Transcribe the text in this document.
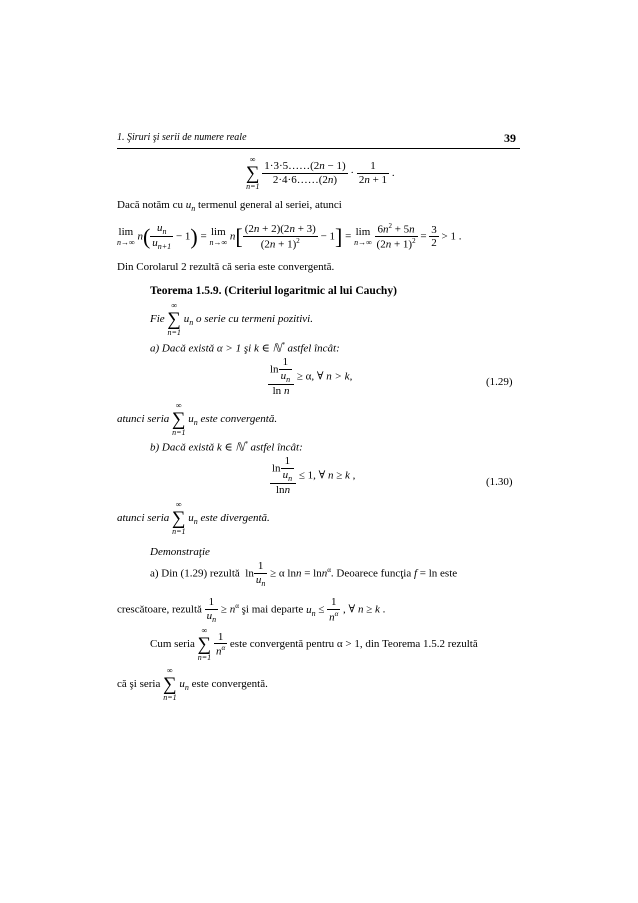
1. Şiruri şi serii de numere reale	39
∞
∑
n=1
$\frac{1\cdot 3\cdot 5\dots\dots(2n - 1)}{2\cdot 4\cdot 6\dots\dots(2n)} \cdot \frac{1}{2n + 1}$ .
Dacă notăm cu $u_n$ termenul general al seriei, atunci
lim
n→∞ $n( \frac{u_n}{u_{n+1}} - 1) = \lim$
n→∞ $n[ \frac{(2n + 2)(2n + 3)}{(2n + 1)^2} - 1] = \lim$
n→∞
$\frac{6n^2 + 5n}{(2n + 1)^2} = \frac{3}{2} > 1$ .
Din Corolarul 2 rezultă că seria este convergentă.
Teorema 1.5.9. (Criteriul logaritmic al lui Cauchy)
Fie
∞
∑
n=1
$u_n$ o serie cu termeni pozitivi.
a) Dacă există α > 1 şi k ∈ ℕ* astfel încât:
$\frac{\ln \frac{1}{u_n}}{\text{ln n}} \ge \alpha$, ∀ n > k,	(1.29)
atunci seria
∞
∑
n=1
$u_n$ este convergentă.
b) Dacă există k ∈ ℕ* astfel încât:
$\frac{\ln \frac{1}{u_n}}{\ln n} \le 1$, ∀ n ≥ k ,
(1.30)
atunci seria
∞
∑
n=1
$u_n$ este divergentă.
Demonstraţie
a) Din (1.29) rezultă  $\ln \frac{1}{u_n} \ge \alpha$ lnn = lnn$^\alpha$. Deoarece funcţia f = ln este
crescătoare, rezultă $\frac{1}{u_n} \ge n^\alpha$ şi mai departe $u_n \le \frac{1}{n^\alpha}$ , ∀ n ≥ k .
Cum seria
∞
∑
n=1
$\frac{1}{n^\alpha}$ este convergentă pentru α > 1, din Teorema 1.5.2 rezultă
că şi seria
∞
∑
n=1
$u_n$ este convergentă.
